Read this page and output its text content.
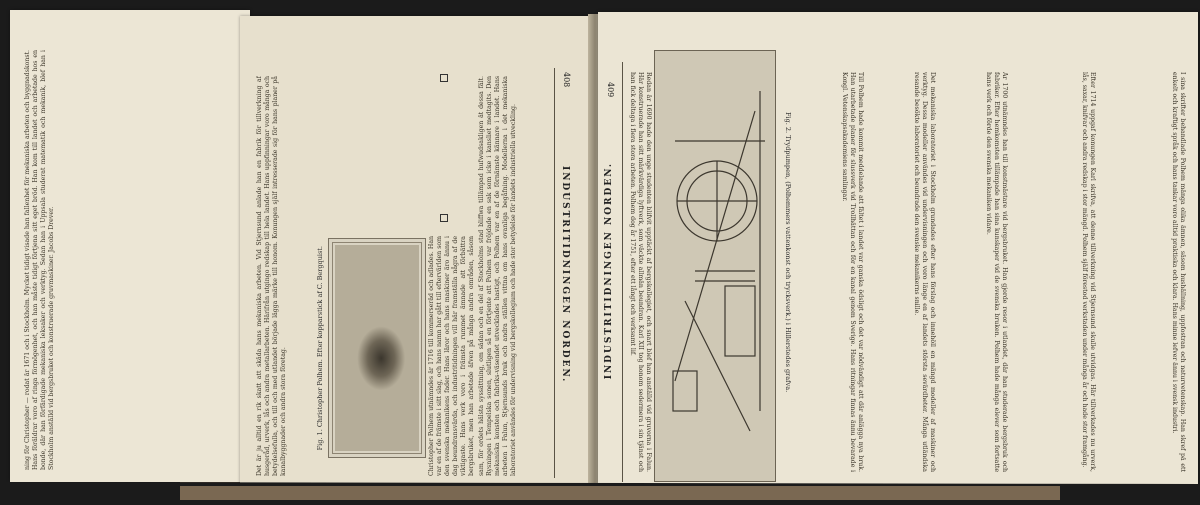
ning för Christopher — rodat år 1671 och i Stockholm. Mycket tidigt visade han fallenhet för mekaniska arbeten och byggnadskonst. Hans föräldrar voro af ringa förmögenhet, och han måste tidigt förtjena sitt eget bröd. Han kom till landet och arbetade hos en bonde, där han förfärdigade mekaniska leksaker och verktyg. Sedan han i Uppsala studerat matematik och mekanik, blef han i Stockholm anställd vid bergsbruket och konstruerade gruvmaskiner. Jacobs Drever.	INDUSTRITIDNINGEN NORDEN.
408
sam, för ordets hälsta syssättning, om sådan och en del af Stockholms stad bliffwa tillämpad hufwudsakligen åt dessa fält. Rysningen i Tempelska sonen, slutligen så en förtjente att Polhem var fröjdade en sak som icke i kansliet medtagits. Den mekaniska konsten och fabriks-väsendet utvecklades hastigt, och Polhem var en af de förnämste kännare i landet. Hans arbeten i Falun, Stjernsunds bruk och andra ställen vittna om hans ovanliga begåfning. Modellerna i det mekaniska laboratoriet användes för undervisning vid bergskollegium och hade stor betydelse för landets industriella utveckling.
Christopher Polhem utnämndes år 1716 till kommerseråd och adlades. Han var en af de främste i sitt slag, och hans namn har gått till eftervärlden som den svenska mekanikens fader. Hans läror och hans maskiner äro ännu i dag beundransvärda, och industritidningen vill här framställa några af de viktigaste. Hans verk voro i främsta rummet ämnade att förbättra bergsbruket, men han arbetade äfven på många andra områden, såsom
Det är ju alltid en rik skatt att skåda hans mekaniska arbeten. Vid Stjernsund anlade han en fabrik för tillverkning af husgeråd, urverk, lås och andra metallarbeten. Härifrån utgingo redskap till hela landet. Hans uppfinningar voro många och betydelsefulla, och till och med utlandet började lägga märke till honom. Konungen själf intresserade sig för hans planer på kanalbyggnader och andra stora företag.	Fig. 1. Christopher Polhem. Efter kopparstick af C. Bergquist.
409
INDUSTRITIDNINGEN NORDEN.	Fig. 2. Trydpumpen, (Polhemmers vattenkonst och trycksverk.) i Hillerstedes grafva.
Redan år 1690 hade den unge studenten blifvit upptäckt af bergskollegiet, och snart blef han anställd vid gruvorna i Falun. Här konstruerade han sitt märkvärdiga lyftverk, som väckte allmän beundran. Karl XII tog honom sedermera i sin tjänst och han fick deltaga i flera stora arbeten. Polhem dog år 1751, efter ett långt och verksamt lif.	Till Polhem hade kommit meddelande att fältet i landet var ganska ödsligt och det var nödvändigt att där anlägga nya bruk. Han utarbetade planer för slussverk vid Trollhättan och för en kanal genom Sverige. Hans ritningar finnas ännu bevarade i Kongl. Vetenskapsakademiens samlingar.	Det mekaniska laboratoriet i Stockholm grundades efter hans förslag och innehöll en mängd modeller af maskiner och verktyg. Dessa modeller användes vid undervisningen och voro länge en af landets största sevärdheter. Många utländska resande besökte laboratoriet och beundrade den svenske mekanikerns snille.	År 1700 utnämndes han till konstmästare vid bergsbruket. Han gjorde resor i utlandet, där han studerade bergsbruk och fabriker. Efter hemkomsten tillämpade han sina kunskaper vid de svenska bruken. Polhem hade många elever som fortsatte hans verk och förde den svenska mekaniken vidare.	Efter 1714 uppgaf konungen Karl skrifva, att denne tillverkning vid Stjernsund skulle utvidgas. Här tillverkades nu urverk, lås, saxar, knifvar och andra redskap i stor mängd. Polhem själf förestod verkstaden under många år och hade stor framgång.	I sina skrifter behandlade Polhem många olika ämnen, såsom hushållning, uppfostran och naturvetenskap. Han skref på ett enkelt och kraftigt språk och hans tankar voro alltid praktiska och klara. Hans minne lefver ännu i svensk industri.
